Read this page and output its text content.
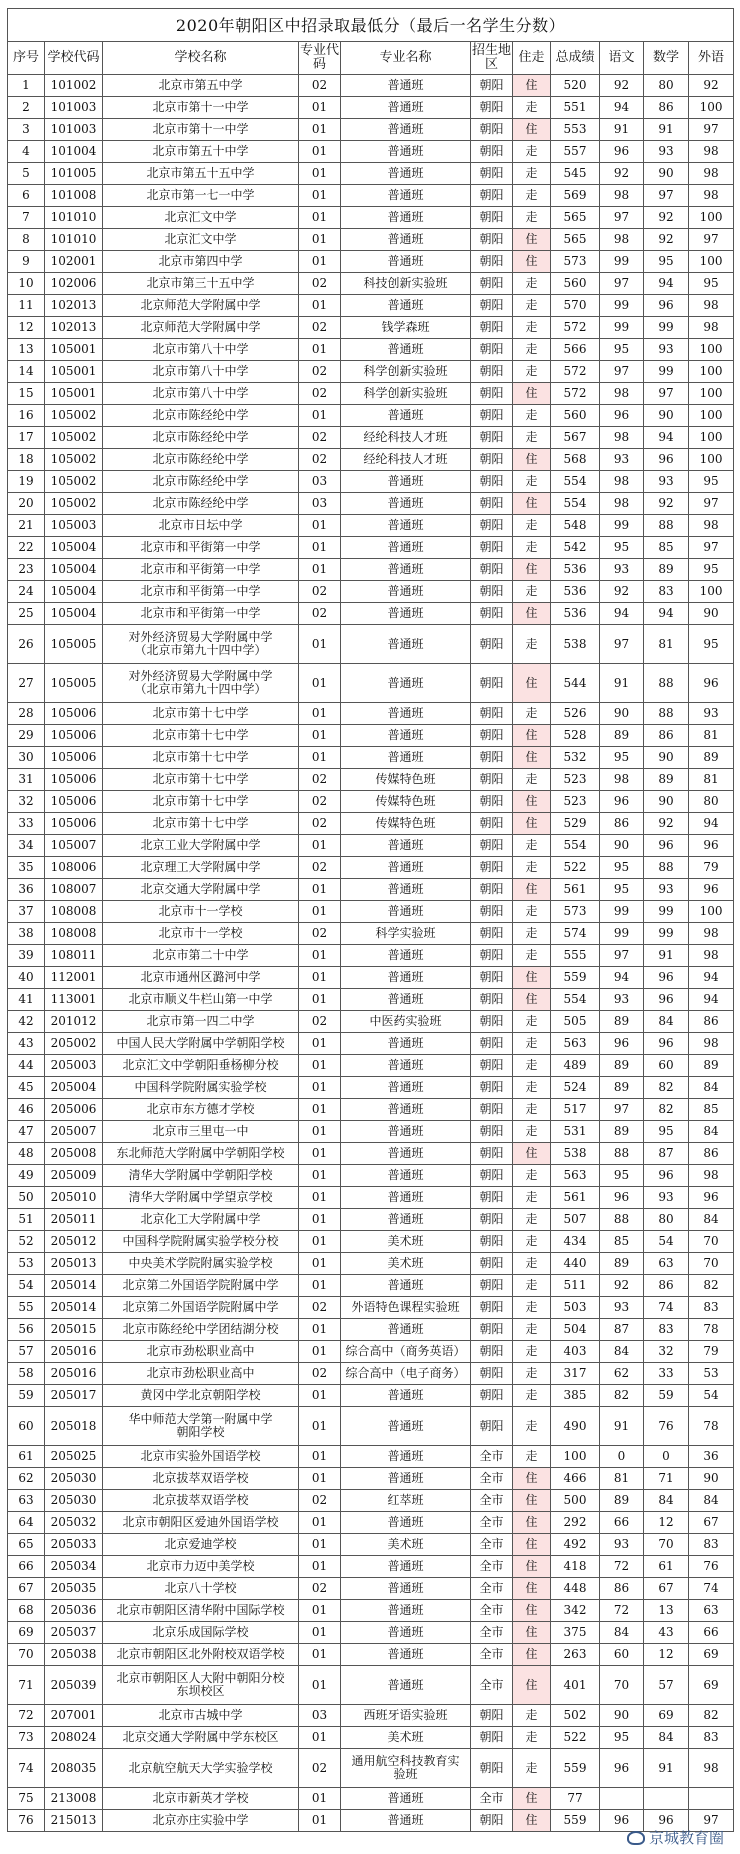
2020年朝阳区中招录取最低分（最后一名学生分数）										
序号	学校代码	学校名称	专业代码	专业名称	招生地区	住走	总成绩	语文	数学	外语
1	101002	北京市第五中学	02	普通班	朝阳	住	520	92	80	92
2	101003	北京市第十一中学	01	普通班	朝阳	走	551	94	86	100
3	101003	北京市第十一中学	01	普通班	朝阳	住	553	91	91	97
4	101004	北京市第五十中学	01	普通班	朝阳	走	557	96	93	98
5	101005	北京市第五十五中学	01	普通班	朝阳	走	545	92	90	98
6	101008	北京市第一七一中学	01	普通班	朝阳	走	569	98	97	98
7	101010	北京汇文中学	01	普通班	朝阳	走	565	97	92	100
8	101010	北京汇文中学	01	普通班	朝阳	住	565	98	92	97
9	102001	北京市第四中学	01	普通班	朝阳	住	573	99	95	100
10	102006	北京市第三十五中学	02	科技创新实验班	朝阳	走	560	97	94	95
11	102013	北京师范大学附属中学	01	普通班	朝阳	走	570	99	96	98
12	102013	北京师范大学附属中学	02	钱学森班	朝阳	走	572	99	99	98
13	105001	北京市第八十中学	01	普通班	朝阳	走	566	95	93	100
14	105001	北京市第八十中学	02	科学创新实验班	朝阳	走	572	97	99	100
15	105001	北京市第八十中学	02	科学创新实验班	朝阳	住	572	98	97	100
16	105002	北京市陈经纶中学	01	普通班	朝阳	走	560	96	90	100
17	105002	北京市陈经纶中学	02	经纶科技人才班	朝阳	走	567	98	94	100
18	105002	北京市陈经纶中学	02	经纶科技人才班	朝阳	住	568	93	96	100
19	105002	北京市陈经纶中学	03	普通班	朝阳	走	554	98	93	95
20	105002	北京市陈经纶中学	03	普通班	朝阳	住	554	98	92	97
21	105003	北京市日坛中学	01	普通班	朝阳	走	548	99	88	98
22	105004	北京市和平街第一中学	01	普通班	朝阳	走	542	95	85	97
23	105004	北京市和平街第一中学	01	普通班	朝阳	住	536	93	89	95
24	105004	北京市和平街第一中学	02	普通班	朝阳	走	536	92	83	100
25	105004	北京市和平街第一中学	02	普通班	朝阳	住	536	94	94	90
26	105005	对外经济贸易大学附属中学
（北京市第九十四中学）	01	普通班	朝阳	走	538	97	81	95
27	105005	对外经济贸易大学附属中学
（北京市第九十四中学）	01	普通班	朝阳	住	544	91	88	96
28	105006	北京市第十七中学	01	普通班	朝阳	走	526	90	88	93
29	105006	北京市第十七中学	01	普通班	朝阳	住	528	89	86	81
30	105006	北京市第十七中学	01	普通班	朝阳	住	532	95	90	89
31	105006	北京市第十七中学	02	传媒特色班	朝阳	走	523	98	89	81
32	105006	北京市第十七中学	02	传媒特色班	朝阳	住	523	96	90	80
33	105006	北京市第十七中学	02	传媒特色班	朝阳	住	529	86	92	94
34	105007	北京工业大学附属中学	01	普通班	朝阳	走	554	90	96	96
35	108006	北京理工大学附属中学	02	普通班	朝阳	走	522	95	88	79
36	108007	北京交通大学附属中学	01	普通班	朝阳	住	561	95	93	96
37	108008	北京市十一学校	01	普通班	朝阳	走	573	99	99	100
38	108008	北京市十一学校	02	科学实验班	朝阳	走	574	99	99	98
39	108011	北京市第二十中学	01	普通班	朝阳	走	555	97	91	98
40	112001	北京市通州区潞河中学	01	普通班	朝阳	住	559	94	96	94
41	113001	北京市顺义牛栏山第一中学	01	普通班	朝阳	住	554	93	96	94
42	201012	北京市第一四二中学	02	中医药实验班	朝阳	走	505	89	84	86
43	205002	中国人民大学附属中学朝阳学校	01	普通班	朝阳	走	563	96	96	98
44	205003	北京汇文中学朝阳垂杨柳分校	01	普通班	朝阳	走	489	89	60	89
45	205004	中国科学院附属实验学校	01	普通班	朝阳	走	524	89	82	84
46	205006	北京市东方德才学校	01	普通班	朝阳	走	517	97	82	85
47	205007	北京市三里屯一中	01	普通班	朝阳	走	531	89	95	84
48	205008	东北师范大学附属中学朝阳学校	01	普通班	朝阳	住	538	88	87	86
49	205009	清华大学附属中学朝阳学校	01	普通班	朝阳	走	563	95	96	98
50	205010	清华大学附属中学望京学校	01	普通班	朝阳	走	561	96	93	96
51	205011	北京化工大学附属中学	01	普通班	朝阳	走	507	88	80	84
52	205012	中国科学院附属实验学校分校	01	美术班	朝阳	走	434	85	54	70
53	205013	中央美术学院附属实验学校	01	美术班	朝阳	走	440	89	63	70
54	205014	北京第二外国语学院附属中学	01	普通班	朝阳	走	511	92	86	82
55	205014	北京第二外国语学院附属中学	02	外语特色课程实验班	朝阳	走	503	93	74	83
56	205015	北京市陈经纶中学团结湖分校	01	普通班	朝阳	走	504	87	83	78
57	205016	北京市劲松职业高中	01	综合高中（商务英语）	朝阳	走	403	84	32	79
58	205016	北京市劲松职业高中	02	综合高中（电子商务）	朝阳	走	317	62	33	53
59	205017	黄冈中学北京朝阳学校	01	普通班	朝阳	走	385	82	59	54
60	205018	华中师范大学第一附属中学
朝阳学校	01	普通班	朝阳	走	490	91	76	78
61	205025	北京市实验外国语学校	01	普通班	全市	走	100	0	0	36
62	205030	北京拔萃双语学校	01	普通班	全市	住	466	81	71	90
63	205030	北京拔萃双语学校	02	红萃班	全市	住	500	89	84	84
64	205032	北京市朝阳区爱迪外国语学校	01	普通班	全市	住	292	66	12	67
65	205033	北京爱迪学校	01	美术班	全市	住	492	93	70	83
66	205034	北京市力迈中美学校	01	普通班	全市	住	418	72	61	76
67	205035	北京八十学校	02	普通班	全市	住	448	86	67	74
68	205036	北京市朝阳区清华附中国际学校	01	普通班	全市	住	342	72	13	63
69	205037	北京乐成国际学校	01	普通班	全市	住	375	84	43	66
70	205038	北京市朝阳区北外附校双语学校	01	普通班	全市	住	263	60	12	69
71	205039	北京市朝阳区人大附中朝阳分校
东坝校区	01	普通班	全市	住	401	70	57	69
72	207001	北京市古城中学	03	西班牙语实验班	朝阳	走	502	90	69	82
73	208024	北京交通大学附属中学东校区	01	美术班	朝阳	走	522	95	84	83
74	208035	北京航空航天大学实验学校	02	通用航空科技教育实
验班	朝阳	走	559	96	91	98
75	213008	北京市新英才学校	01	普通班	全市	住	77			
76	215013	北京亦庄实验中学	01	普通班	朝阳	住	559	96	96	97
京城教育圈
